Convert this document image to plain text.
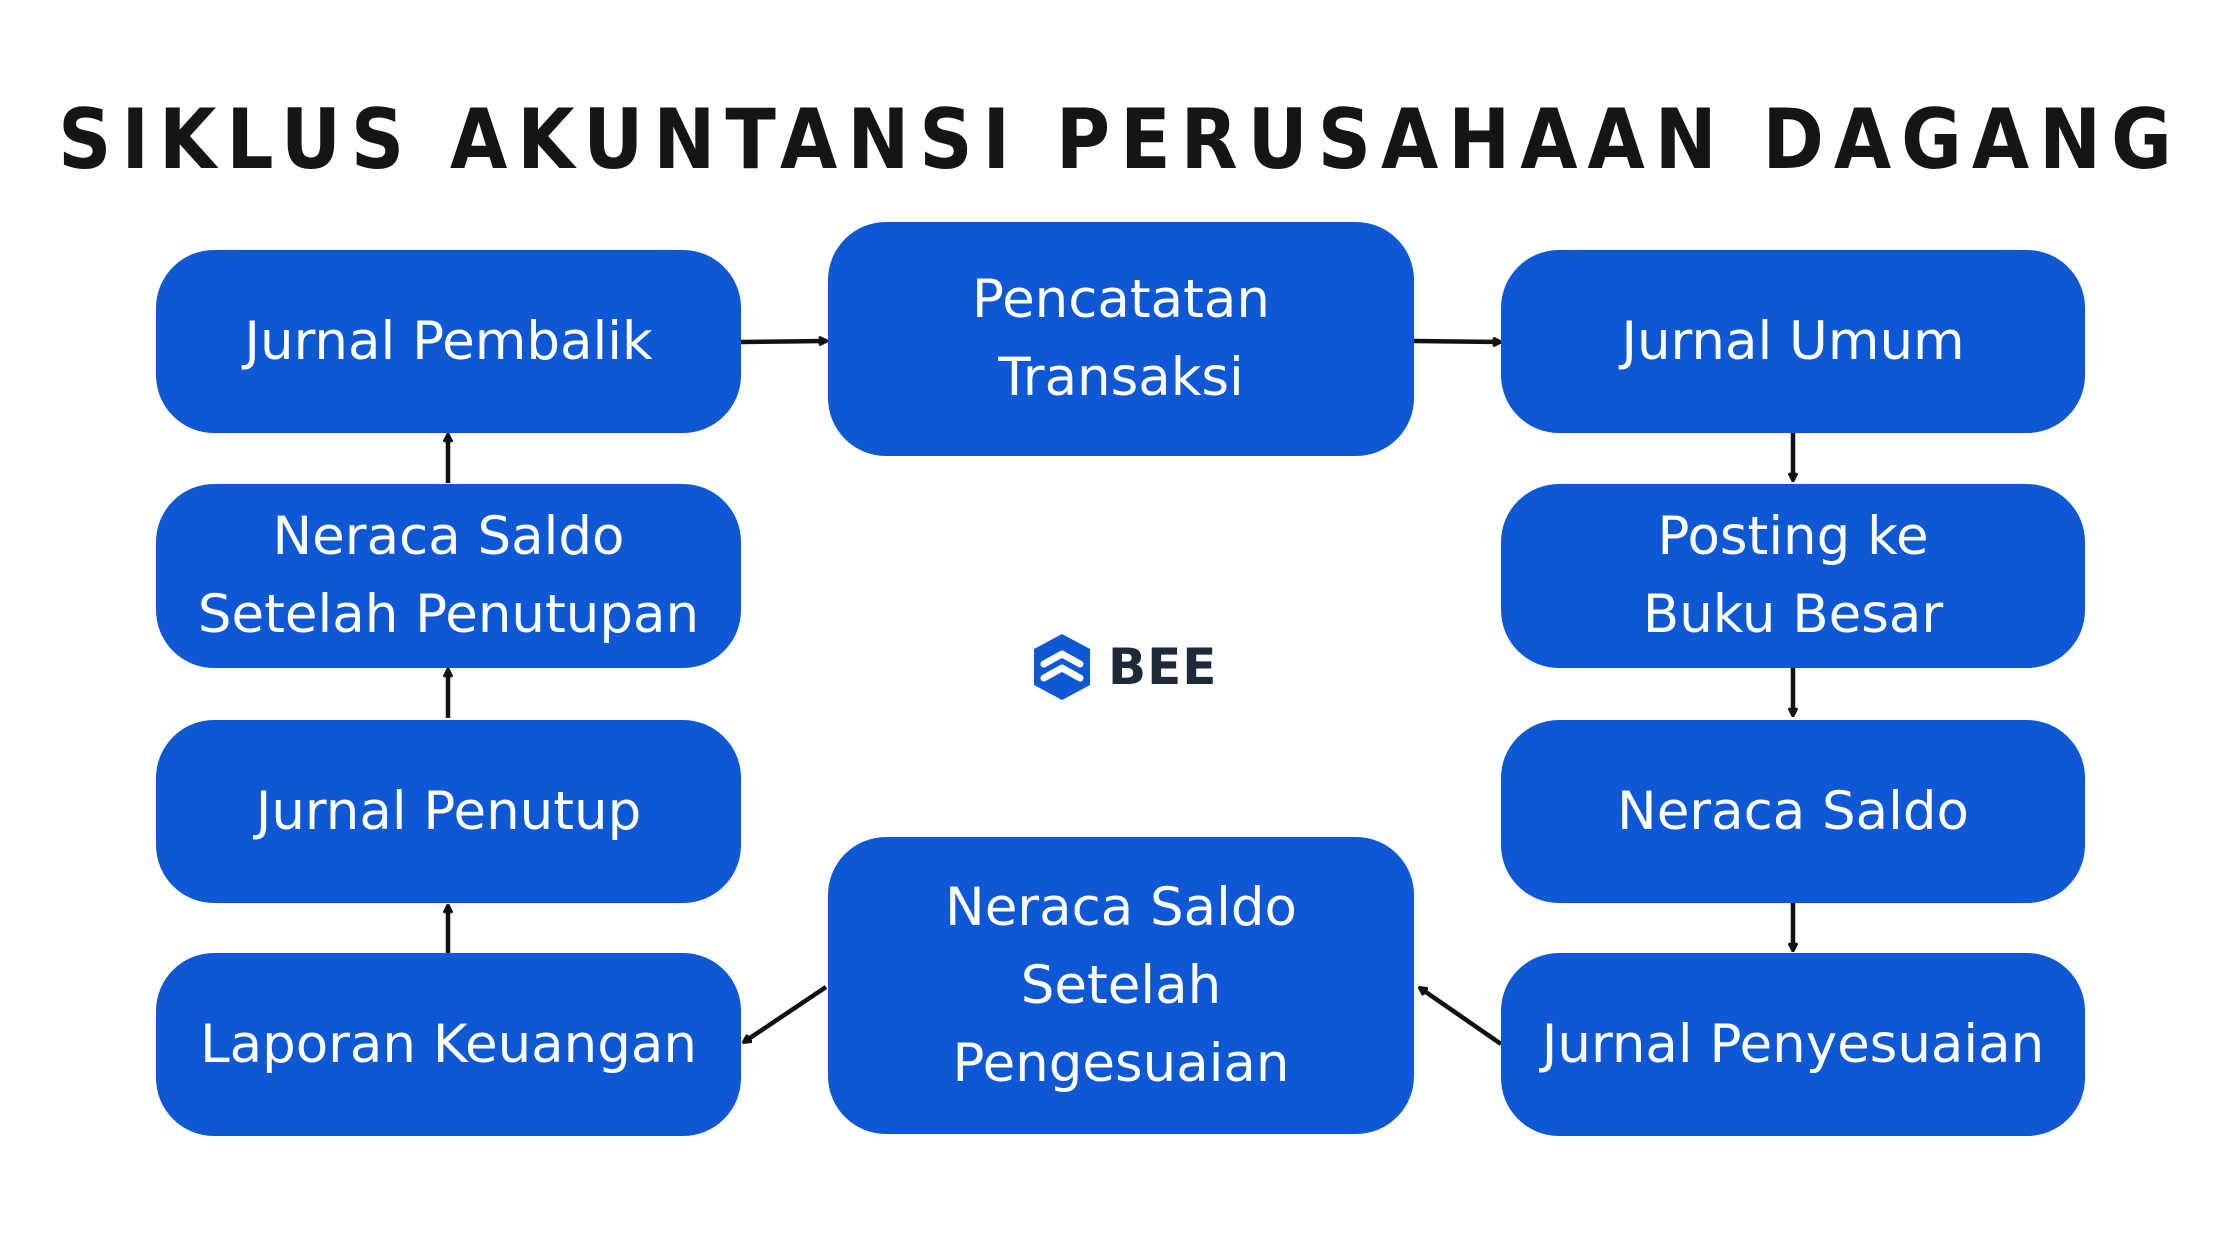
SIKLUS AKUNTANSI PERUSAHAAN DAGANG
Jurnal Pembalik
Pencatatan
Transaksi
Jurnal Umum
Neraca Saldo
Setelah Penutupan
Posting ke
Buku Besar
Jurnal Penutup	Neraca Saldo
Neraca Saldo
Setelah
Pengesuaian
Laporan Keuangan	Jurnal Penyesuaian
BEE
